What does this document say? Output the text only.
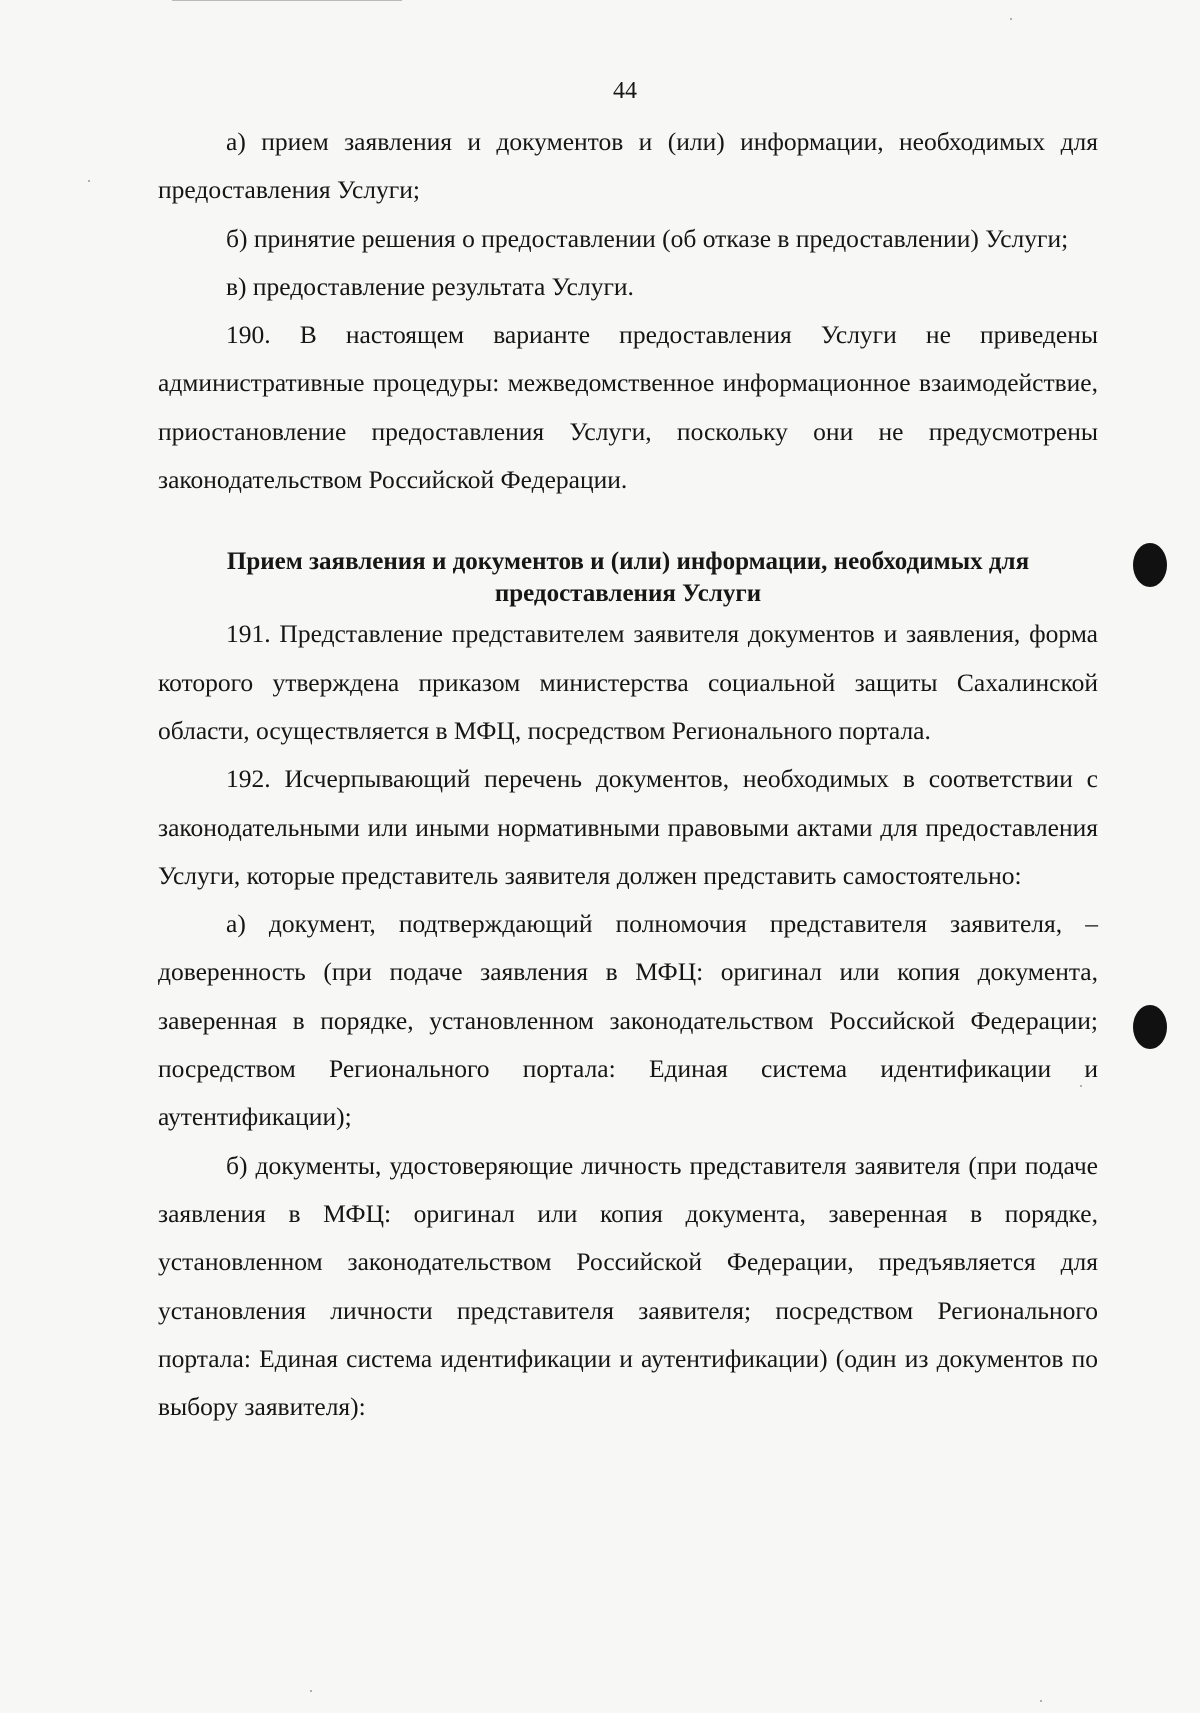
44

а) прием заявления и документов и (или) информации, необходимых для предоставления Услуги;

б) принятие решения о предоставлении (об отказе в предоставлении) Услуги;

в) предоставление результата Услуги.

190. В настоящем варианте предоставления Услуги не приведены административные процедуры: межведомственное информационное взаимодействие, приостановление предоставления Услуги, поскольку они не предусмотрены законодательством Российской Федерации.

Прием заявления и документов и (или) информации, необходимых для предоставления Услуги

191. Представление представителем заявителя документов и заявления, форма которого утверждена приказом министерства социальной защиты Сахалинской области, осуществляется в МФЦ, посредством Регионального портала.

192. Исчерпывающий перечень документов, необходимых в соответствии с законодательными или иными нормативными правовыми актами для предоставления Услуги, которые представитель заявителя должен представить самостоятельно:

а) документ, подтверждающий полномочия представителя заявителя, – доверенность (при подаче заявления в МФЦ: оригинал или копия документа, заверенная в порядке, установленном законодательством Российской Федерации; посредством Регионального портала: Единая система идентификации и аутентификации);

б) документы, удостоверяющие личность представителя заявителя (при подаче заявления в МФЦ: оригинал или копия документа, заверенная в порядке, установленном законодательством Российской Федерации, предъявляется для установления личности представителя заявителя; посредством Регионального портала: Единая система идентификации и аутентификации) (один из документов по выбору заявителя):
